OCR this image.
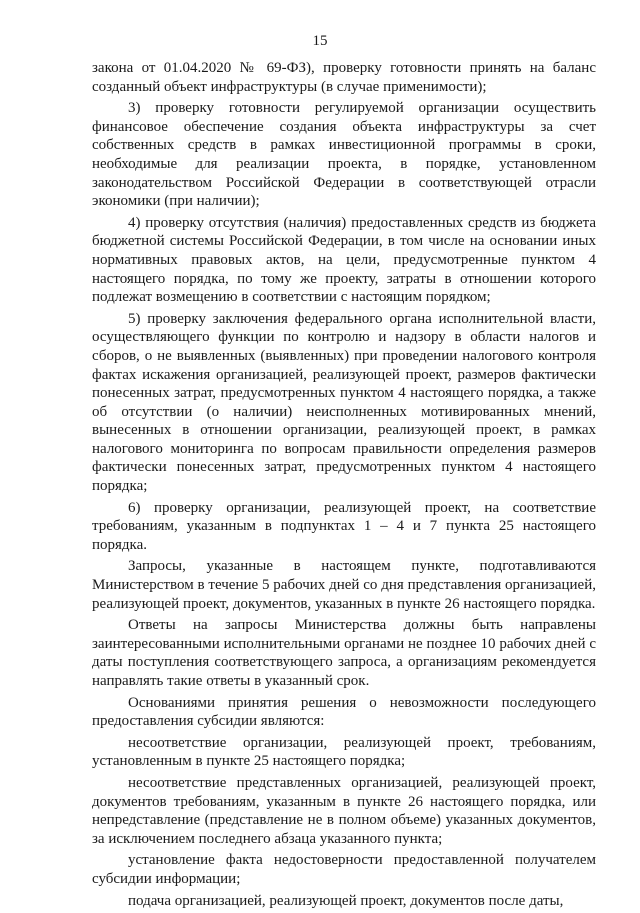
15

закона от 01.04.2020 № 69-ФЗ), проверку готовности принять на баланс созданный объект инфраструктуры (в случае применимости);

3) проверку готовности регулируемой организации осуществить финансовое обеспечение создания объекта инфраструктуры за счет собственных средств в рамках инвестиционной программы в сроки, необходимые для реализации проекта, в порядке, установленном законодательством Российской Федерации в соответствующей отрасли экономики (при наличии);

4) проверку отсутствия (наличия) предоставленных средств из бюджета бюджетной системы Российской Федерации, в том числе на основании иных нормативных правовых актов, на цели, предусмотренные пунктом 4 настоящего порядка, по тому же проекту, затраты в отношении которого подлежат возмещению в соответствии с настоящим порядком;

5) проверку заключения федерального органа исполнительной власти, осуществляющего функции по контролю и надзору в области налогов и сборов, о не выявленных (выявленных) при проведении налогового контроля фактах искажения организацией, реализующей проект, размеров фактически понесенных затрат, предусмотренных пунктом 4 настоящего порядка, а также об отсутствии (о наличии) неисполненных мотивированных мнений, вынесенных в отношении организации, реализующей проект, в рамках налогового мониторинга по вопросам правильности определения размеров фактически понесенных затрат, предусмотренных пунктом 4 настоящего порядка;

6) проверку организации, реализующей проект, на соответствие требованиям, указанным в подпунктах 1 – 4 и 7 пункта 25 настоящего порядка.

Запросы, указанные в настоящем пункте, подготавливаются Министерством в течение 5 рабочих дней со дня представления организацией, реализующей проект, документов, указанных в пункте 26 настоящего порядка.

Ответы на запросы Министерства должны быть направлены заинтересованными исполнительными органами не позднее 10 рабочих дней с даты поступления соответствующего запроса, а организациям рекомендуется направлять такие ответы в указанный срок.

Основаниями принятия решения о невозможности последующего предоставления субсидии являются:

несоответствие организации, реализующей проект, требованиям, установленным в пункте 25 настоящего порядка;

несоответствие представленных организацией, реализующей проект, документов требованиям, указанным в пункте 26 настоящего порядка, или непредставление (представление не в полном объеме) указанных документов, за исключением последнего абзаца указанного пункта;

установление факта недостоверности предоставленной получателем субсидии информации;

подача организацией, реализующей проект, документов после даты,
